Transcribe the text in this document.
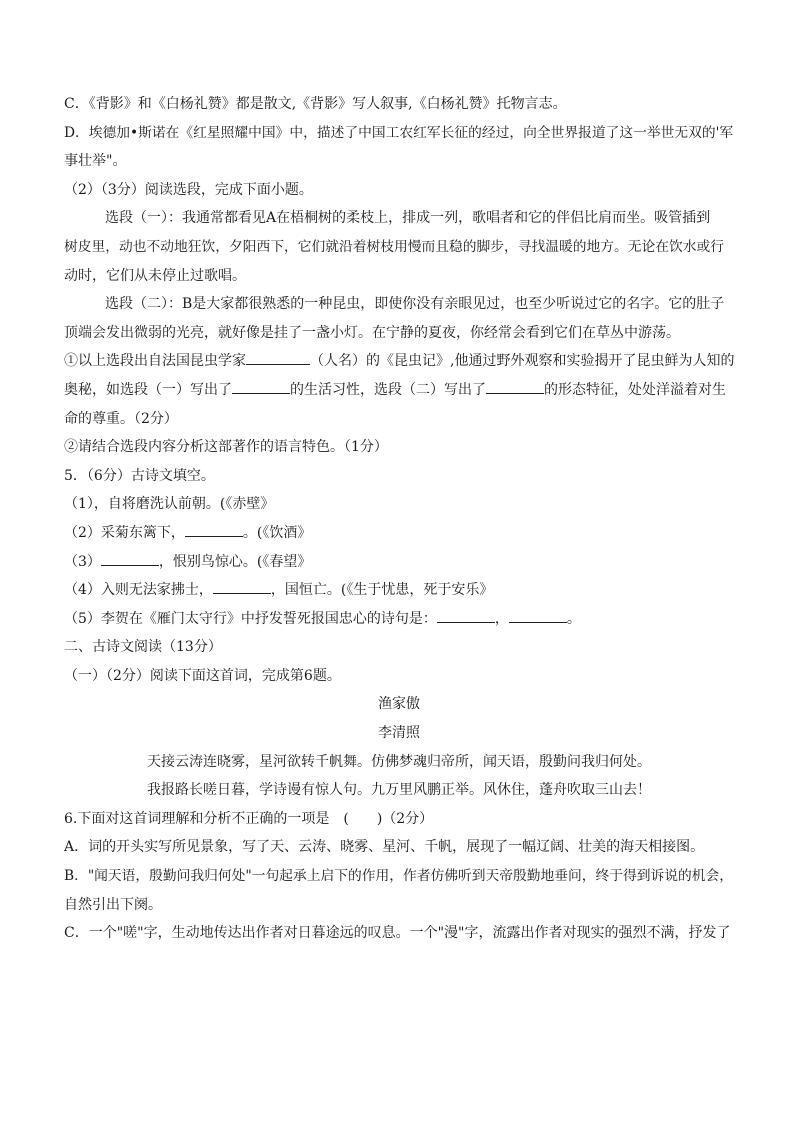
C．《背影》和《白杨礼赞》都是散文,《背影》写人叙事,《白杨礼赞》托物言志。
D．埃德加•斯诺在《红星照耀中国》中，描述了中国工农红军长征的经过，向全世界报道了这一举世无双的'军
事壮举"。
（2）（3分）阅读选段，完成下面小题。
选段（一）：我通常都看见A在梧桐树的柔枝上，排成一列，歌唱者和它的伴侣比肩而坐。吸管插到
树皮里，动也不动地狂饮，夕阳西下，它们就沿着树枝用慢而且稳的脚步，寻找温暖的地方。无论在饮水或行
动时，它们从未停止过歌唱。
选段（二）：B是大家都很熟悉的一种昆虫，即使你没有亲眼见过，也至少听说过它的名字。它的肚子
顶端会发出微弱的光亮，就好像是挂了一盏小灯。在宁静的夏夜，你经常会看到它们在草丛中游荡。
①以上选段出自法国昆虫学家	（人名）的《昆虫记》,他通过野外观察和实验揭开了昆虫鲜为人知的
奥秘，如选段（一）写出了	的生活习性，选段（二）写出了	的形态特征，处处洋溢着对生
命的尊重。（2分）
②请结合选段内容分析这部著作的语言特色。（1分）
5．（6分）古诗文填空。
（1），自将磨洗认前朝。(《赤壁》
（2）采菊东篱下，	。(《饮酒》
（3）	，恨别鸟惊心。(《春望》
（4）入则无法家拂士，	，国恒亡。(《生于忧患，死于安乐》
（5）李贺在《雁门太守行》中抒发誓死报国忠心的诗句是：	，	。
二、古诗文阅读（13分）
（一）（2分）阅读下面这首词，完成第6题。
渔家傲
李清照
天接云涛连晓雾，星河欲转千帆舞。仿佛梦魂归帝所，闻天语，殷勤问我归何处。
我报路长嗟日暮，学诗谩有惊人句。九万里风鹏正举。风休住，蓬舟吹取三山去！
6.下面对这首词理解和分析不正确的一项是　(　　)（2分）
A．词的开头实写所见景象，写了天、云涛、晓雾、星河、千帆，展现了一幅辽阔、壮美的海天相接图。
B．"闻天语，殷勤问我归何处"一句起承上启下的作用，作者仿佛听到天帝殷勤地垂问，终于得到诉说的机会，
自然引出下阕。
C．一个"嗟"字，生动地传达出作者对日暮途远的叹息。一个"漫"字，流露出作者对现实的强烈不满，抒发了
